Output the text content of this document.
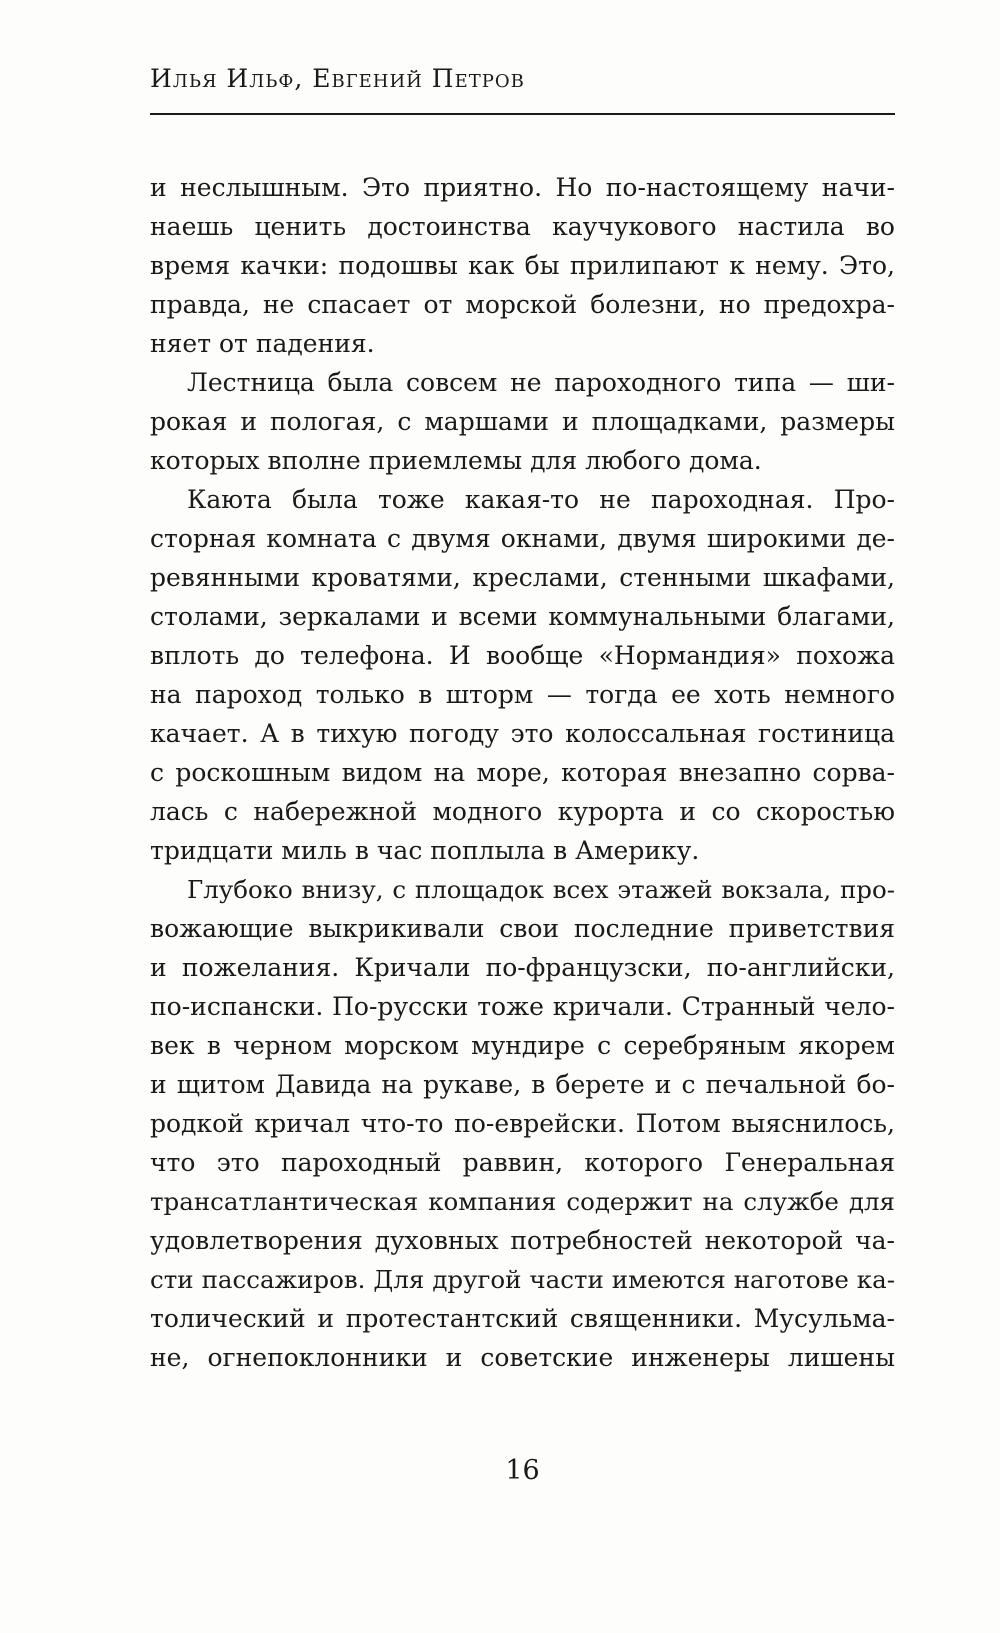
Илья Ильф, Евгений Петров
и неслышным. Это приятно. Но по-настоящему начи-
наешь ценить достоинства каучукового настила во
время качки: подошвы как бы прилипают к нему. Это,
правда, не спасает от морской болезни, но предохра-
няет от падения.
Лестница была совсем не пароходного типа — ши-
рокая и пологая, с маршами и площадками, размеры
которых вполне приемлемы для любого дома.
Каюта была тоже какая-то не пароходная. Про-
сторная комната с двумя окнами, двумя широкими де-
ревянными кроватями, креслами, стенными шкафами,
столами, зеркалами и всеми коммунальными благами,
вплоть до телефона. И вообще «Нормандия» похожа
на пароход только в шторм — тогда ее хоть немного
качает. А в тихую погоду это колоссальная гостиница
с роскошным видом на море, которая внезапно сорва-
лась с набережной модного курорта и со скоростью
тридцати миль в час поплыла в Америку.
Глубоко внизу, с площадок всех этажей вокзала, про-
вожающие выкрикивали свои последние приветствия
и пожелания. Кричали по-французски, по-английски,
по-испански. По-русски тоже кричали. Странный чело-
век в черном морском мундире с серебряным якорем
и щитом Давида на рукаве, в берете и с печальной бо-
родкой кричал что-то по-еврейски. Потом выяснилось,
что это пароходный раввин, которого Генеральная
трансатлантическая компания содержит на службе для
удовлетворения духовных потребностей некоторой ча-
сти пассажиров. Для другой части имеются наготове ка-
толический и протестантский священники. Мусульма-
не, огнепоклонники и советские инженеры лишены
16
